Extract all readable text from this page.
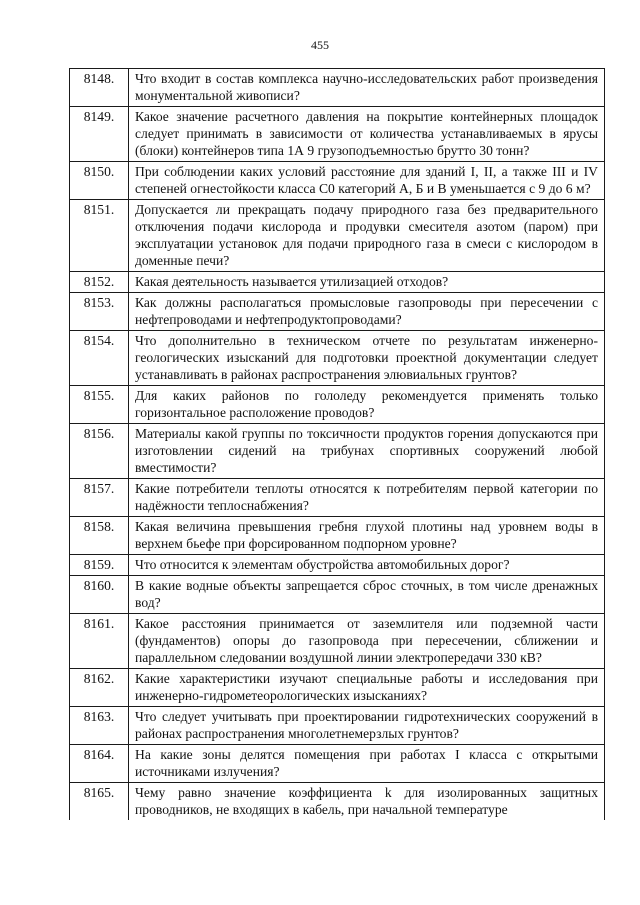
455
8148.	Что входит в состав комплекса научно-исследовательских работ произведения монументальной живописи?
8149.	Какое значение расчетного давления на покрытие контейнерных площадок следует принимать в зависимости от количества устанавливаемых в ярусы (блоки) контейнеров типа 1А 9 грузоподъемностью брутто 30 тонн?
8150.	При соблюдении каких условий расстояние для зданий I, II, а также III и IV степеней огнестойкости класса С0 категорий А, Б и В уменьшается с 9 до 6 м?
8151.	Допускается ли прекращать подачу природного газа без предварительного отключения подачи кислорода и продувки смесителя азотом (паром) при эксплуатации установок для подачи природного газа в смеси с кислородом в доменные печи?
8152.	Какая деятельность называется утилизацией отходов?
8153.	Как должны располагаться промысловые газопроводы при пересечении с нефтепроводами и нефтепродуктопроводами?
8154.	Что дополнительно в техническом отчете по результатам инженерно-геологических изысканий для подготовки проектной документации следует устанавливать в районах распространения элювиальных грунтов?
8155.	Для каких районов по гололеду рекомендуется применять только горизонтальное расположение проводов?
8156.	Материалы какой группы по токсичности продуктов горения допускаются при изготовлении сидений на трибунах спортивных сооружений любой вместимости?
8157.	Какие потребители теплоты относятся к потребителям первой категории по надёжности теплоснабжения?
8158.	Какая величина превышения гребня глухой плотины над уровнем воды в верхнем бьефе при форсированном подпорном уровне?
8159.	Что относится к элементам обустройства автомобильных дорог?
8160.	В какие водные объекты запрещается сброс сточных, в том числе дренажных вод?
8161.	Какое расстояния принимается от заземлителя или подземной части (фундаментов) опоры до газопровода при пересечении, сближении и параллельном следовании воздушной линии электропередачи 330 кВ?
8162.	Какие характеристики изучают специальные работы и исследования при инженерно-гидрометеорологических изысканиях?
8163.	Что следует учитывать при проектировании гидротехнических сооружений в районах распространения многолетнемерзлых грунтов?
8164.	На какие зоны делятся помещения при работах I класса с открытыми источниками излучения?
8165.	Чему равно значение коэффициента k для изолированных защитных проводников, не входящих в кабель, при начальной температуре
